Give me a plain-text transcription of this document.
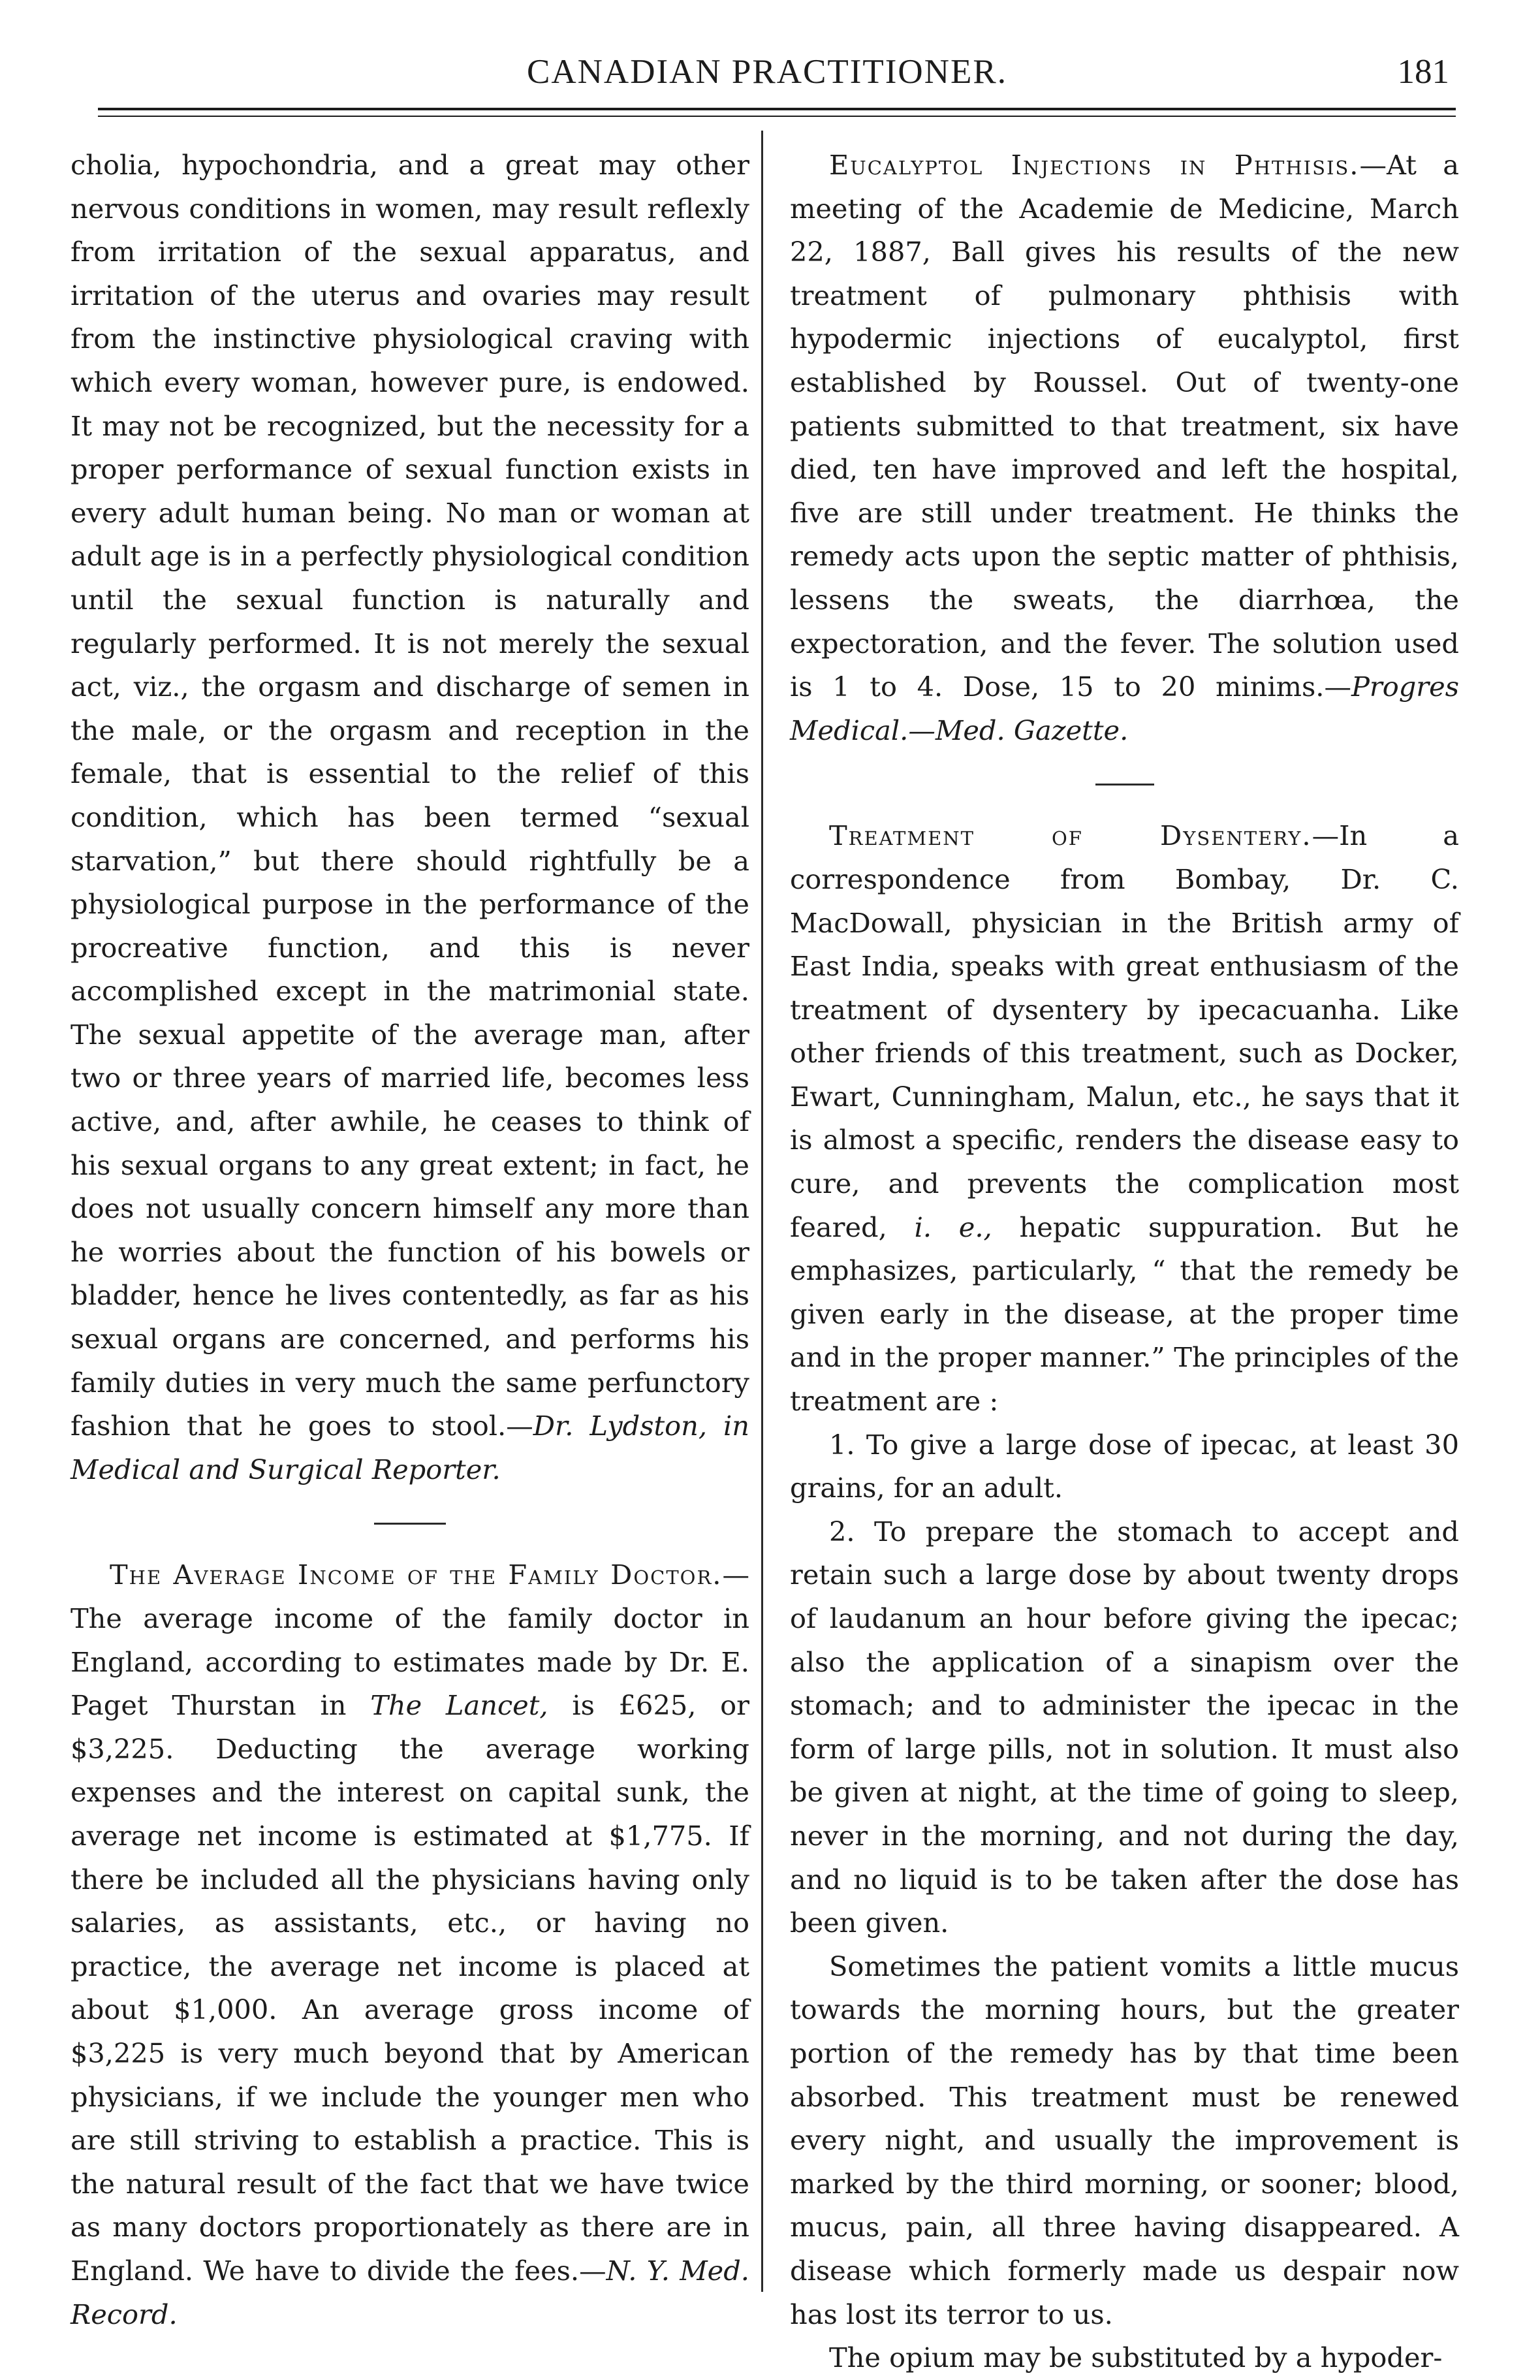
CANADIAN PRACTITIONER.	181

cholia, hypochondria, and a great may other nervous conditions in women, may result reflexly from irritation of the sexual apparatus, and irritation of the uterus and ovaries may result from the instinctive physiological craving with which every woman, however pure, is endowed. It may not be recognized, but the necessity for a proper performance of sexual function exists in every adult human being. No man or woman at adult age is in a perfectly physiological condition until the sexual function is naturally and regularly performed. It is not merely the sexual act, viz., the orgasm and discharge of semen in the male, or the orgasm and reception in the female, that is essential to the relief of this condition, which has been termed “sexual starvation,” but there should rightfully be a physiological purpose in the performance of the procreative function, and this is never accomplished except in the matrimonial state. The sexual appetite of the average man, after two or three years of married life, becomes less active, and, after awhile, he ceases to think of his sexual organs to any great extent; in fact, he does not usually concern himself any more than he worries about the function of his bowels or bladder, hence he lives contentedly, as far as his sexual organs are concerned, and performs his family duties in very much the same perfunctory fashion that he goes to stool.—Dr. Lydston, in Medical and Surgical Reporter.

The Average Income of the Family Doctor.—The average income of the family doctor in England, according to estimates made by Dr. E. Paget Thurstan in The Lancet, is £625, or $3,225. Deducting the average working expenses and the interest on capital sunk, the average net income is estimated at $1,775. If there be included all the physicians having only salaries, as assistants, etc., or having no practice, the average net income is placed at about $1,000. An average gross income of $3,225 is very much beyond that by American physicians, if we include the younger men who are still striving to establish a practice. This is the natural result of the fact that we have twice as many doctors proportionately as there are in England. We have to divide the fees.—N. Y. Med. Record.

Eucalyptol Injections in Phthisis.—At a meeting of the Academie de Medicine, March 22, 1887, Ball gives his results of the new treatment of pulmonary phthisis with hypodermic injections of eucalyptol, first established by Roussel. Out of twenty-one patients submitted to that treatment, six have died, ten have improved and left the hospital, five are still under treatment. He thinks the remedy acts upon the septic matter of phthisis, lessens the sweats, the diarrhœa, the expectoration, and the fever. The solution used is 1 to 4. Dose, 15 to 20 minims.—Progres Medical.—Med. Gazette.

Treatment of Dysentery.—In a correspondence from Bombay, Dr. C. MacDowall, physician in the British army of East India, speaks with great enthusiasm of the treatment of dysentery by ipecacuanha. Like other friends of this treatment, such as Docker, Ewart, Cunningham, Malun, etc., he says that it is almost a specific, renders the disease easy to cure, and prevents the complication most feared, i. e., hepatic suppuration. But he emphasizes, particularly, “ that the remedy be given early in the disease, at the proper time and in the proper manner.” The principles of the treatment are :

1. To give a large dose of ipecac, at least 30 grains, for an adult.

2. To prepare the stomach to accept and retain such a large dose by about twenty drops of laudanum an hour before giving the ipecac; also the application of a sinapism over the stomach; and to administer the ipecac in the form of large pills, not in solution. It must also be given at night, at the time of going to sleep, never in the morning, and not during the day, and no liquid is to be taken after the dose has been given.

Sometimes the patient vomits a little mucus towards the morning hours, but the greater portion of the remedy has by that time been absorbed. This treatment must be renewed every night, and usually the improvement is marked by the third morning, or sooner; blood, mucus, pain, all three having disappeared. A disease which formerly made us despair now has lost its terror to us.

The opium may be substituted by a hypoder-
